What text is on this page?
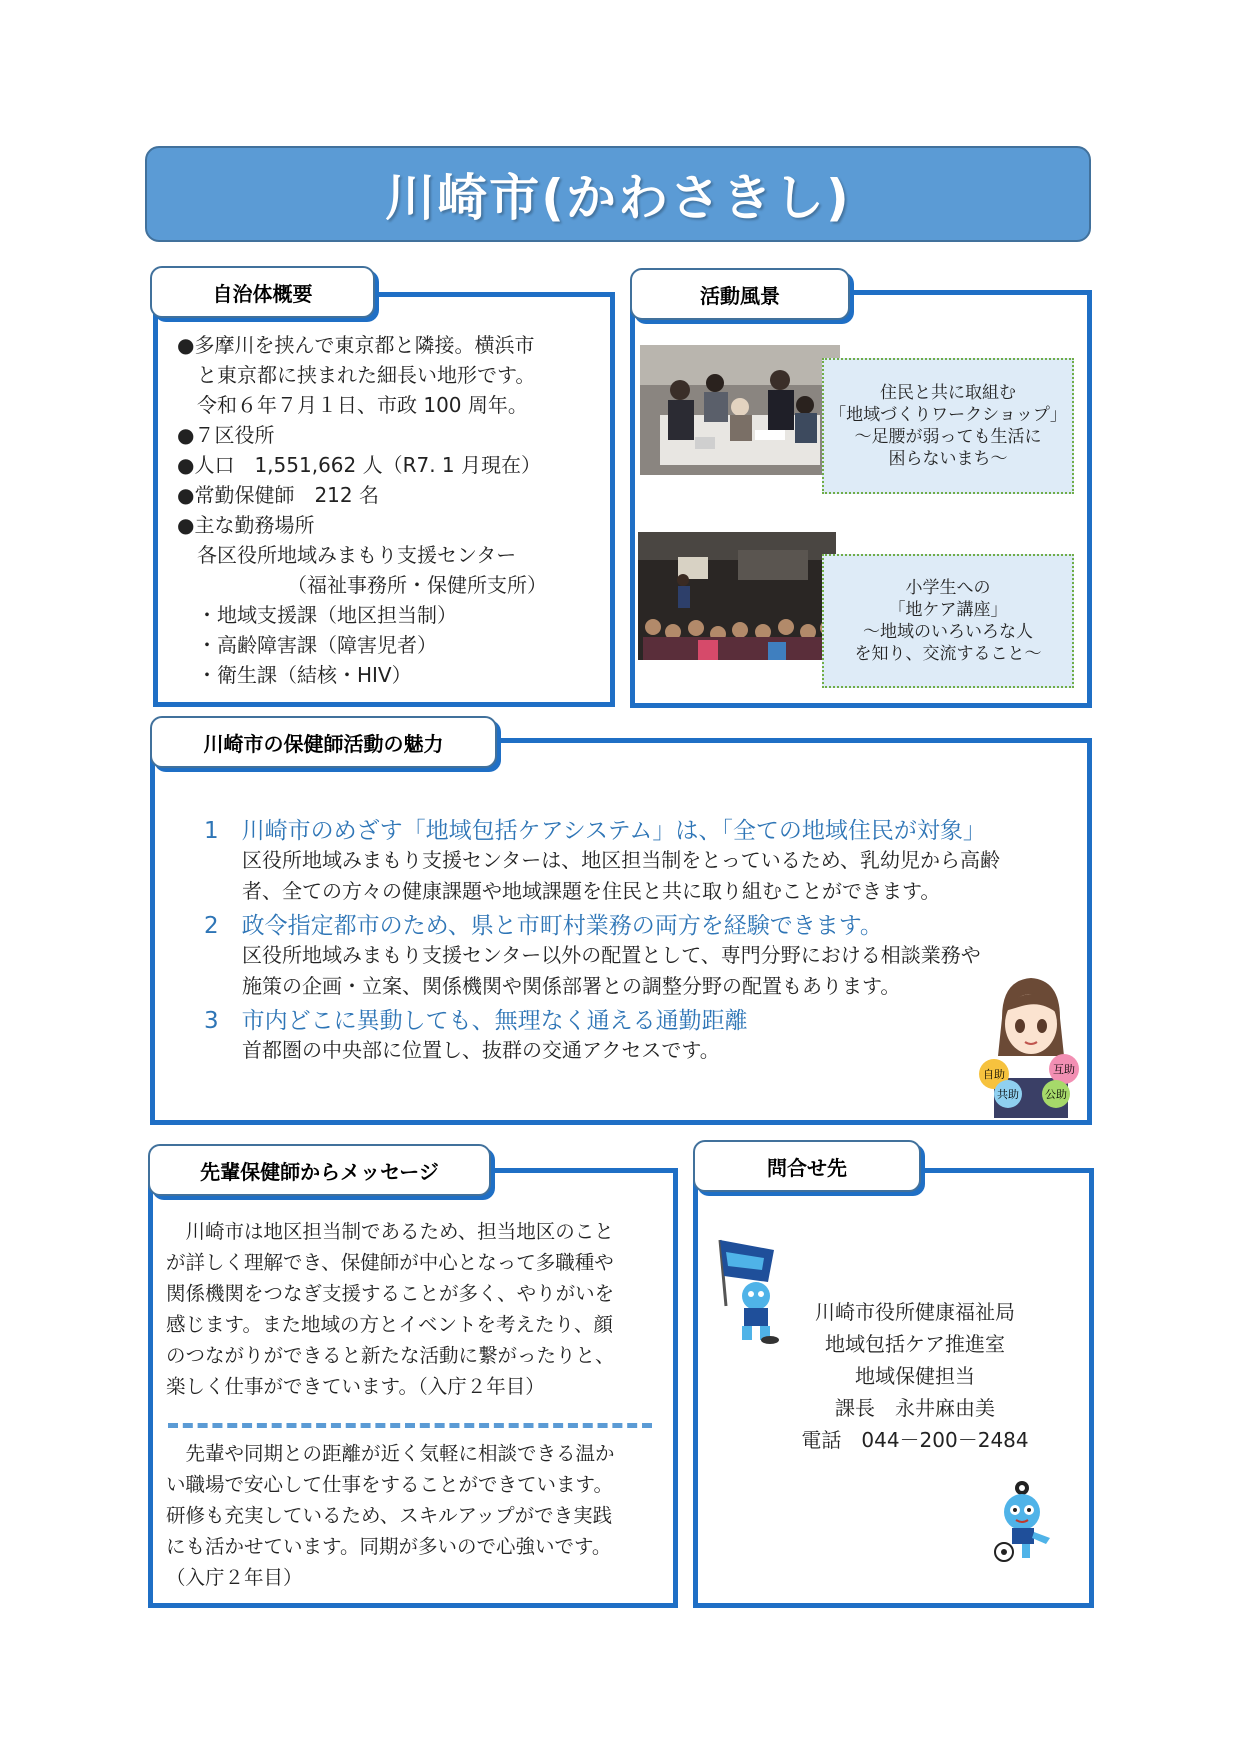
川崎市(かわさきし)
自治体概要
●多摩川を挟んで東京都と隣接。横浜市
　と東京都に挟まれた細長い地形です。
　令和６年７月１日、市政 100 周年。
●７区役所
●人口　1,551,662 人（R7. 1 月現在）
●常勤保健師　212 名
●主な勤務場所
　各区役所地域みまもり支援センター
　　　　　　（福祉事務所・保健所支所）
　・地域支援課（地区担当制）
　・高齢障害課（障害児者）
　・衛生課（結核・HIV）
活動風景
住民と共に取組む
「地域づくりワークショップ」
～足腰が弱っても生活に
困らないまち～
小学生への
「地ケア講座」
～地域のいろいろな人
を知り、交流すること～
川崎市の保健師活動の魅力
1　川崎市のめざす「地域包括ケアシステム」は、「全ての地域住民が対象」
区役所地域みまもり支援センターは、地区担当制をとっているため、乳幼児から高齢
者、全ての方々の健康課題や地域課題を住民と共に取り組むことができます。
2　政令指定都市のため、県と市町村業務の両方を経験できます。
区役所地域みまもり支援センター以外の配置として、専門分野における相談業務や
施策の企画・立案、関係機関や関係部署との調整分野の配置もあります。
3　市内どこに異動しても、無理なく通える通勤距離
首都圏の中央部に位置し、抜群の交通アクセスです。
自助	互助
共助 公助
先輩保健師からメッセージ
　川崎市は地区担当制であるため、担当地区のこと
が詳しく理解でき、保健師が中心となって多職種や
関係機関をつなぎ支援することが多く、やりがいを
感じます。また地域の方とイベントを考えたり、顔
のつながりができると新たな活動に繋がったりと、
楽しく仕事ができています。（入庁２年目）
　先輩や同期との距離が近く気軽に相談できる温か
い職場で安心して仕事をすることができています。
研修も充実しているため、スキルアップができ実践
にも活かせています。同期が多いので心強いです。
（入庁２年目）
問合せ先
川崎市役所健康福祉局
地域包括ケア推進室
地域保健担当
課長　永井麻由美
電話　044－200－2484
